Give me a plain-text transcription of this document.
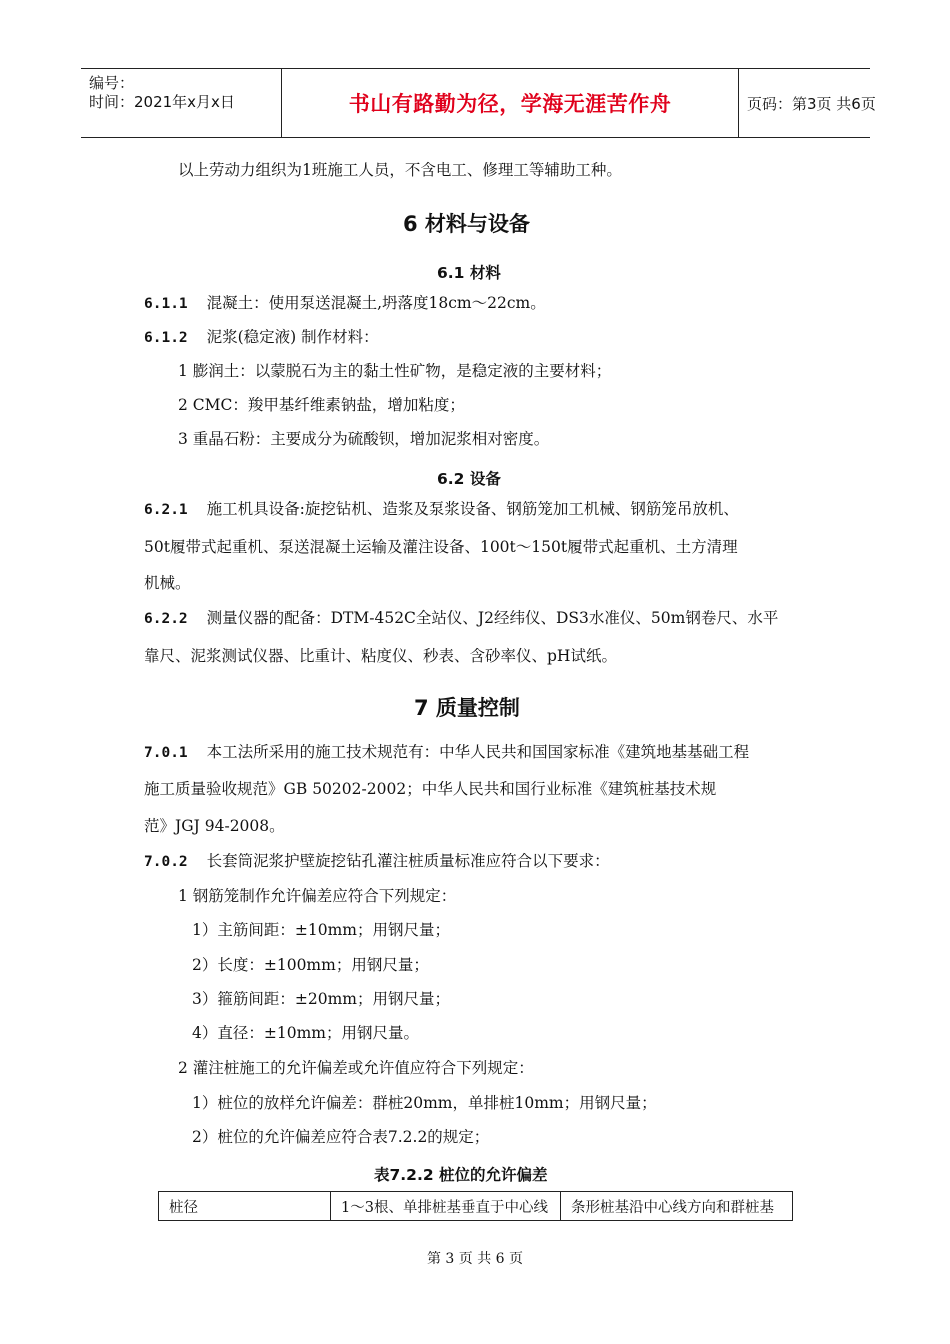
编号：
时间：2021年x月x日	书山有路勤为径，学海无涯苦作舟	页码：第3页 共6页
以上劳动力组织为1班施工人员，不含电工、修理工等辅助工种。
6 材料与设备
6.1 材料
6.1.1 混凝土：使用泵送混凝土,坍落度18cm～22cm。
6.1.2 泥浆(稳定液) 制作材料：
1 膨润土：以蒙脱石为主的黏土性矿物，是稳定液的主要材料；
2 CMC：羧甲基纤维素钠盐，增加粘度；
3 重晶石粉：主要成分为硫酸钡，增加泥浆相对密度。
6.2 设备
6.2.1 施工机具设备:旋挖钻机、造浆及泵浆设备、钢筋笼加工机械、钢筋笼吊放机、
50t履带式起重机、泵送混凝土运输及灌注设备、100t～150t履带式起重机、土方清理
机械。
6.2.2 测量仪器的配备：DTM-452C全站仪、J2经纬仪、DS3水准仪、50m钢卷尺、水平
靠尺、泥浆测试仪器、比重计、粘度仪、秒表、含砂率仪、pH试纸。
7 质量控制
7.0.1 本工法所采用的施工技术规范有：中华人民共和国国家标准《建筑地基基础工程
施工质量验收规范》GB 50202-2002；中华人民共和国行业标准《建筑桩基技术规
范》JGJ 94-2008。
7.0.2 长套筒泥浆护壁旋挖钻孔灌注桩质量标准应符合以下要求：
1 钢筋笼制作允许偏差应符合下列规定：
1）主筋间距：±10mm；用钢尺量；
2）长度：±100mm；用钢尺量；
3）箍筋间距：±20mm；用钢尺量；
4）直径：±10mm；用钢尺量。
2 灌注桩施工的允许偏差或允许值应符合下列规定：
1）桩位的放样允许偏差：群桩20mm，单排桩10mm；用钢尺量；
2）桩位的允许偏差应符合表7.2.2的规定；
表7.2.2 桩位的允许偏差
桩径	1～3根、单排桩基垂直于中心线	条形桩基沿中心线方向和群桩基
第 3 页 共 6 页
